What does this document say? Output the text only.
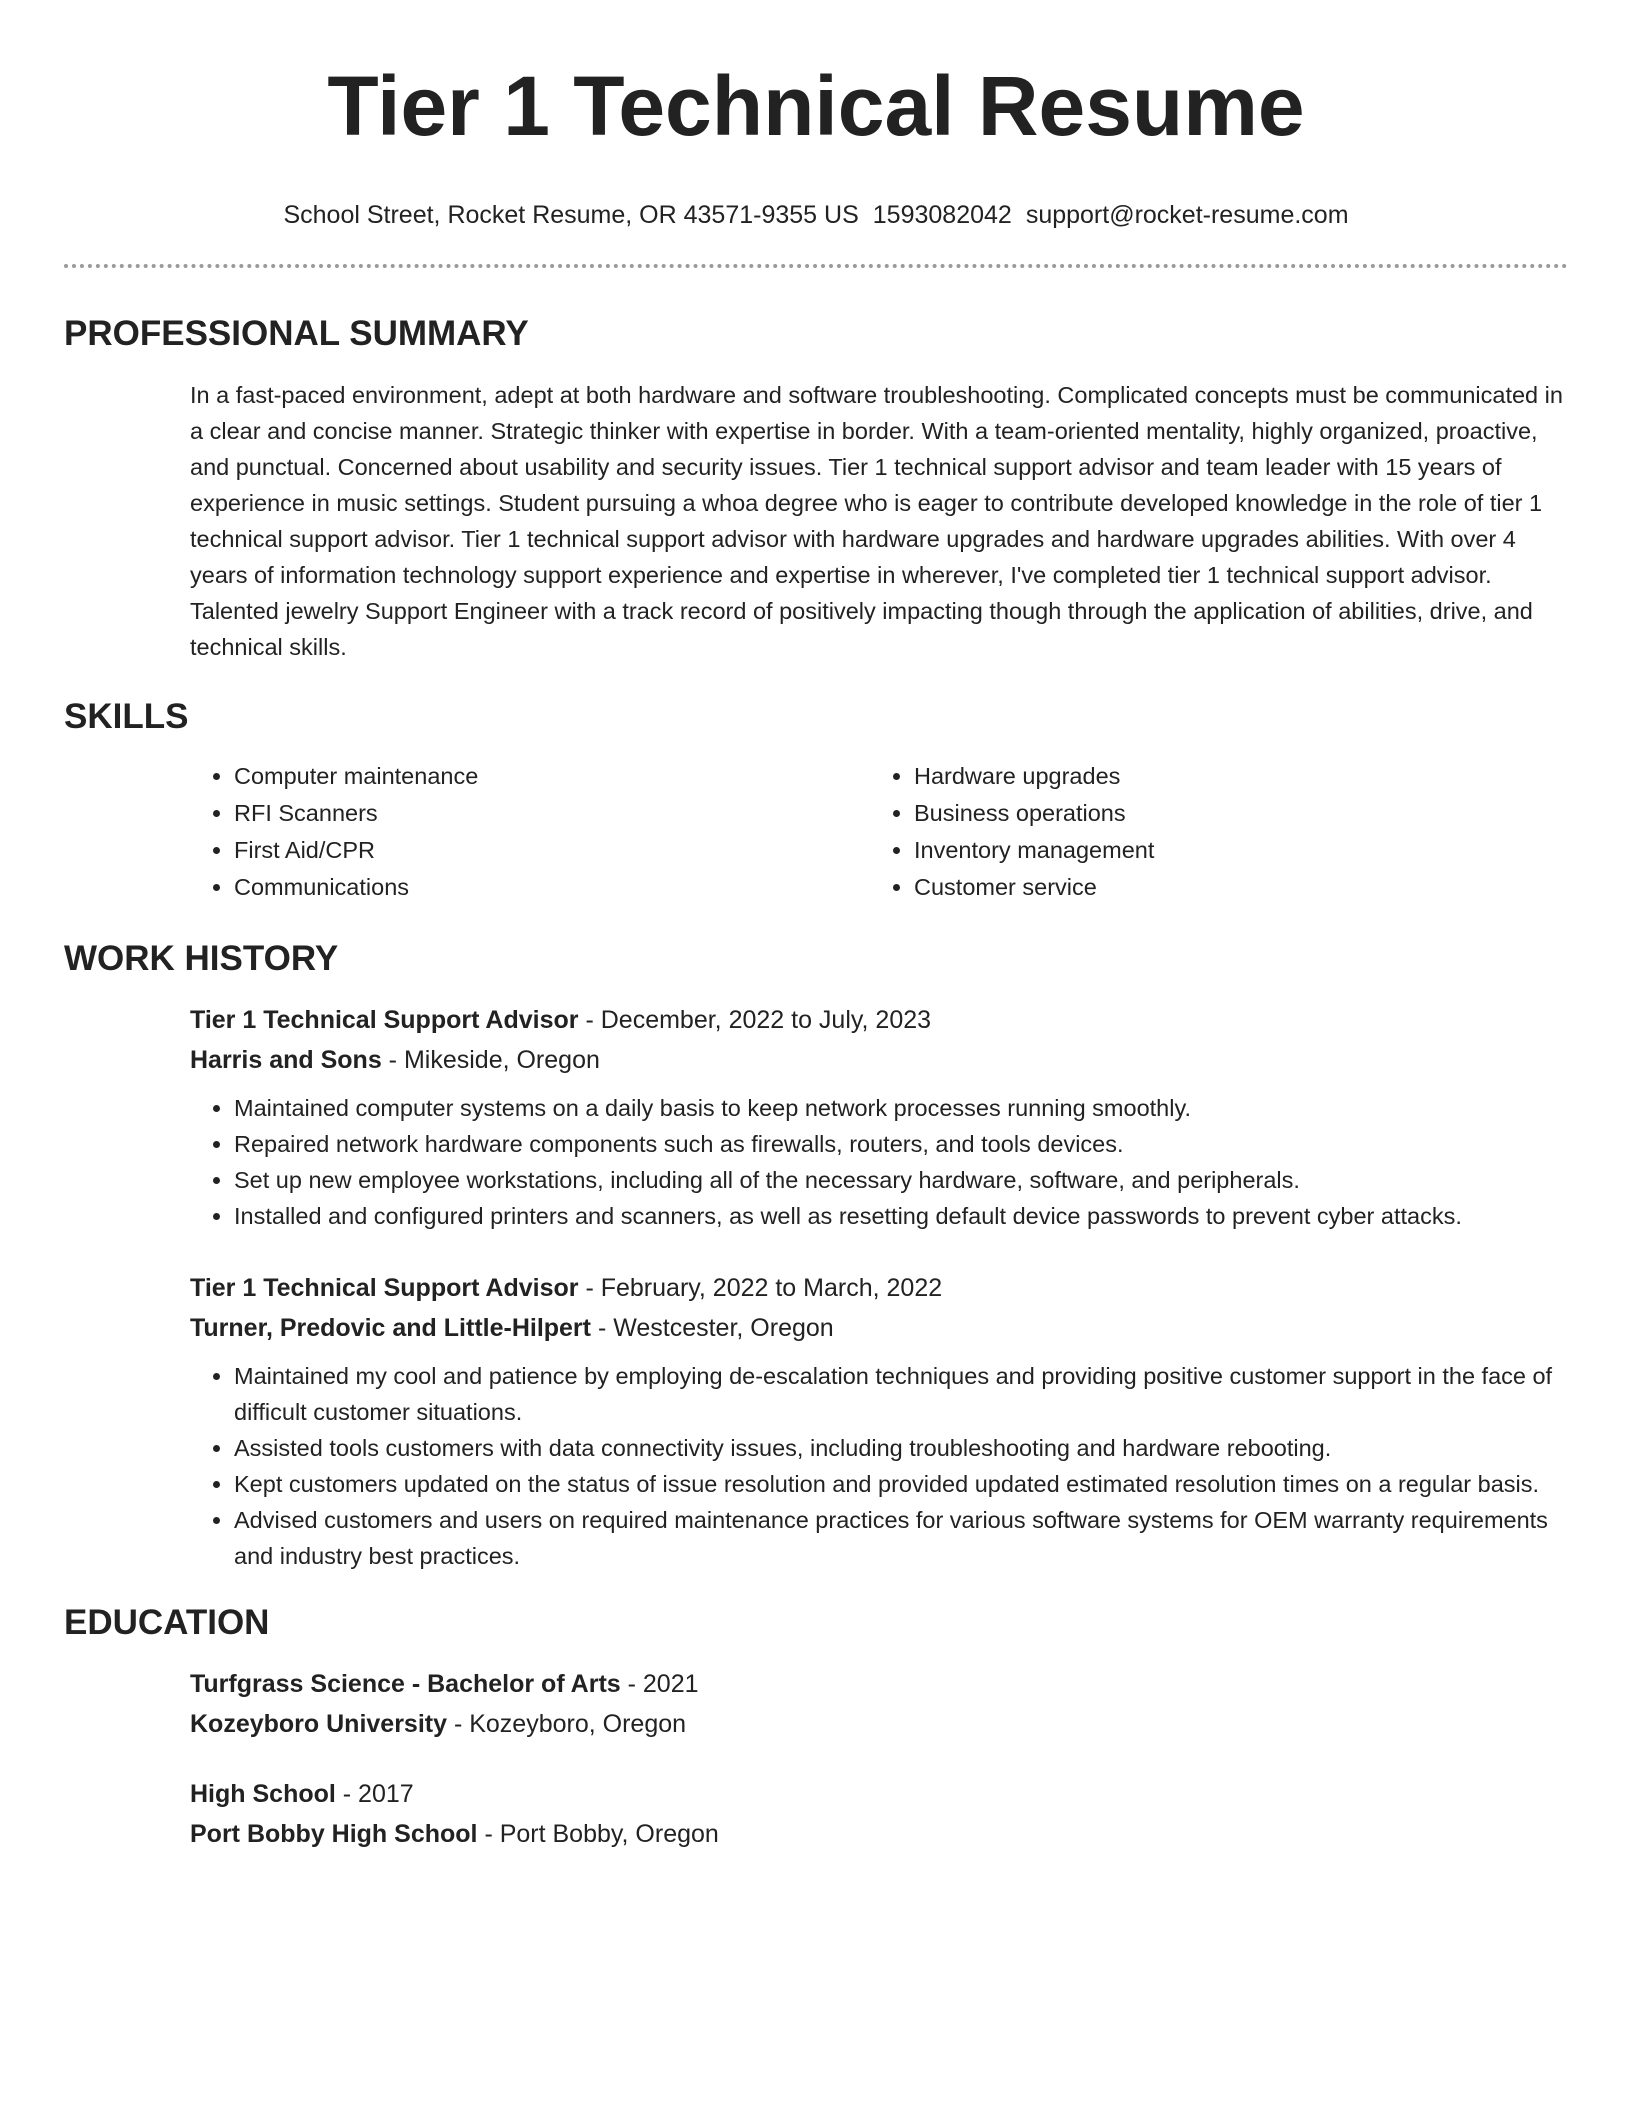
Tier 1 Technical Resume
School Street, Rocket Resume, OR 43571-9355 US 1593082042 support@rocket-resume.com
PROFESSIONAL SUMMARY

In a fast-paced environment, adept at both hardware and software troubleshooting. Complicated concepts must be communicated in a clear and concise manner. Strategic thinker with expertise in border. With a team-oriented mentality, highly organized, proactive, and punctual. Concerned about usability and security issues. Tier 1 technical support advisor and team leader with 15 years of experience in music settings. Student pursuing a whoa degree who is eager to contribute developed knowledge in the role of tier 1 technical support advisor. Tier 1 technical support advisor with hardware upgrades and hardware upgrades abilities. With over 4 years of information technology support experience and expertise in wherever, I've completed tier 1 technical support advisor. Talented jewelry Support Engineer with a track record of positively impacting though through the application of abilities, drive, and technical skills.

SKILLS
• Computer maintenance
• RFI Scanners
• First Aid/CPR
• Communications
• Hardware upgrades
• Business operations
• Inventory management
• Customer service
WORK HISTORY
Tier 1 Technical Support Advisor - December, 2022 to July, 2023
Harris and Sons - Mikeside, Oregon
• Maintained computer systems on a daily basis to keep network processes running smoothly.
• Repaired network hardware components such as firewalls, routers, and tools devices.
• Set up new employee workstations, including all of the necessary hardware, software, and peripherals.
• Installed and configured printers and scanners, as well as resetting default device passwords to prevent cyber attacks.
Tier 1 Technical Support Advisor - February, 2022 to March, 2022
Turner, Predovic and Little-Hilpert - Westcester, Oregon
• Maintained my cool and patience by employing de-escalation techniques and providing positive customer support in the face of difficult customer situations.
• Assisted tools customers with data connectivity issues, including troubleshooting and hardware rebooting.
• Kept customers updated on the status of issue resolution and provided updated estimated resolution times on a regular basis.
• Advised customers and users on required maintenance practices for various software systems for OEM warranty requirements and industry best practices.
EDUCATION
Turfgrass Science - Bachelor of Arts - 2021
Kozeyboro University - Kozeyboro, Oregon
High School - 2017
Port Bobby High School - Port Bobby, Oregon
